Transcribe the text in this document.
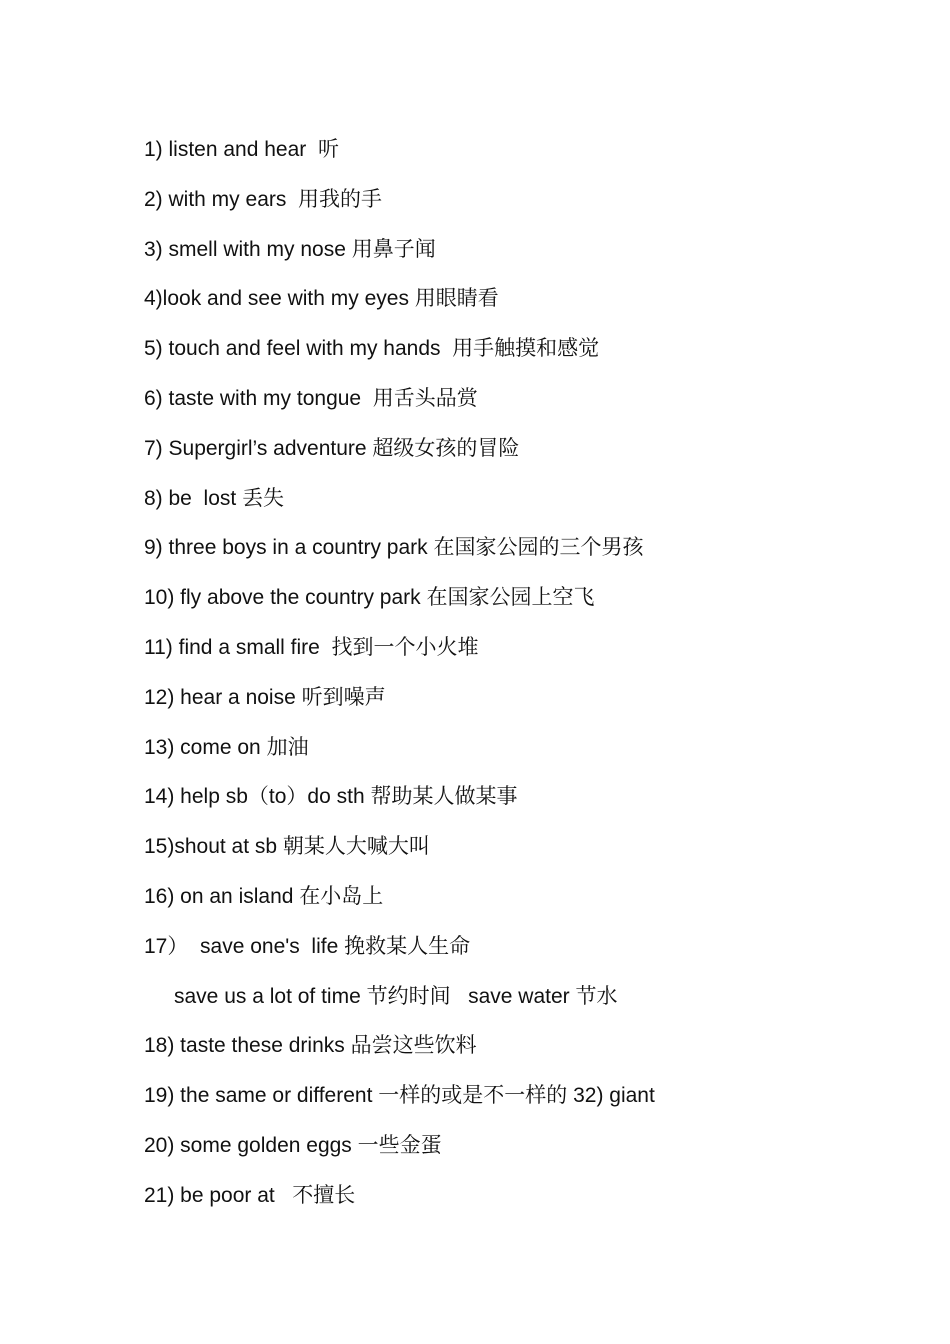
1) listen and hear  听
2) with my ears  用我的手
3) smell with my nose 用鼻子闻
4)look and see with my eyes 用眼睛看
5) touch and feel with my hands  用手触摸和感觉
6) taste with my tongue  用舌头品赏
7) Supergirl’s adventure 超级女孩的冒险
8) be  lost 丢失
9) three boys in a country park 在国家公园的三个男孩
10) fly above the country park 在国家公园上空飞
11) find a small fire  找到一个小火堆
12) hear a noise 听到噪声
13) come on 加油
14) help sb（to）do sth 帮助某人做某事
15)shout at sb 朝某人大喊大叫
16) on an island 在小岛上
17）  save one's  life 挽救某人生命
save us a lot of time 节约时间   save water 节水
18) taste these drinks 品尝这些饮料
19) the same or different 一样的或是不一样的 32) giant
20) some golden eggs 一些金蛋
21) be poor at   不擅长
